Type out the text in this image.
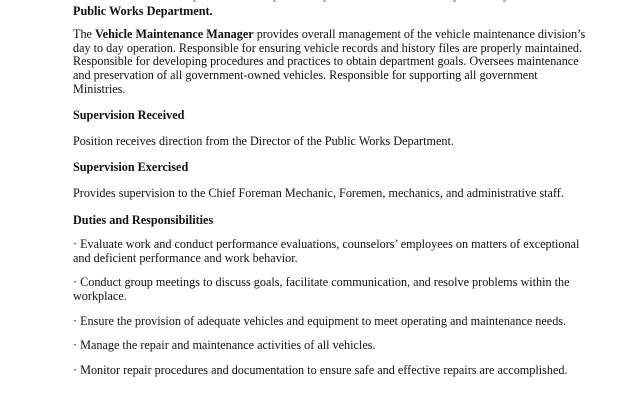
Public Works Department.

The Vehicle Maintenance Manager provides overall management of the vehicle maintenance division’s
day to day operation. Responsible for ensuring vehicle records and history files are properly maintained.
Responsible for developing procedures and practices to obtain department goals. Oversees maintenance
and preservation of all government-owned vehicles. Responsible for supporting all government
Ministries.

Supervision Received

Position receives direction from the Director of the Public Works Department.

Supervision Exercised

Provides supervision to the Chief Foreman Mechanic, Foremen, mechanics, and administrative staff.

Duties and Responsibilities

· Evaluate work and conduct performance evaluations, counselors’ employees on matters of exceptional
and deficient performance and work behavior.
· Conduct group meetings to discuss goals, facilitate communication, and resolve problems within the
workplace.
· Ensure the provision of adequate vehicles and equipment to meet operating and maintenance needs.
· Manage the repair and maintenance activities of all vehicles.
· Monitor repair procedures and documentation to ensure safe and effective repairs are accomplished.
